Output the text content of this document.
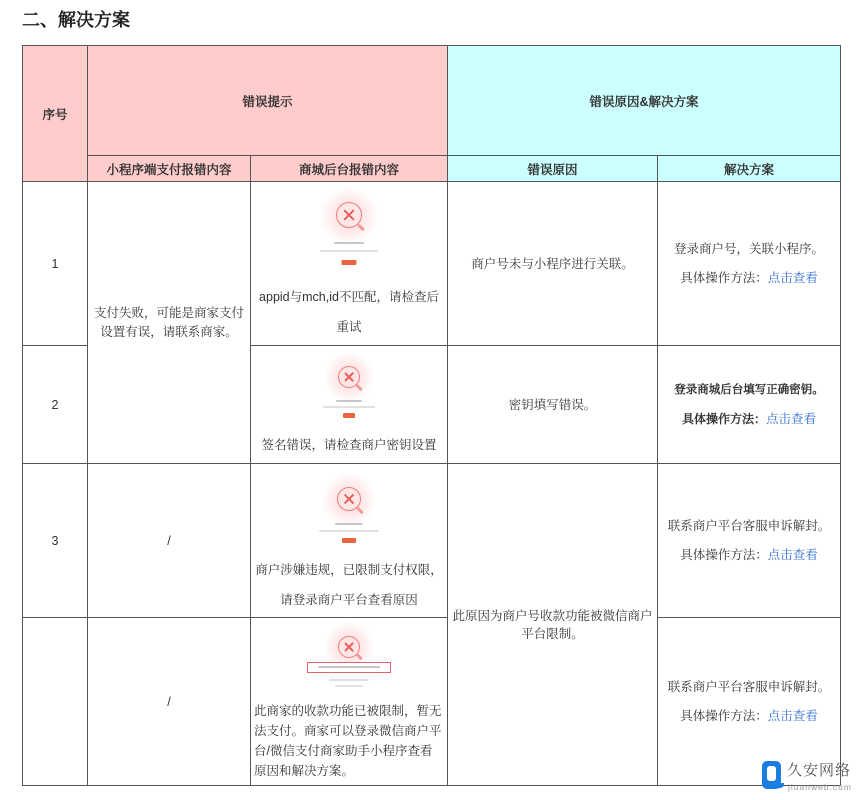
二、解决方案
序号	错误提示		错误原因&解决方案	
	小程序端支付报错内容	商城后台报错内容	错误原因	解决方案
1	支付失败，可能是商家支付设置有误，请联系商家。	appid与mch,id不匹配，请检查后重试	商户号未与小程序进行关联。	登录商户号，关联小程序。
具体操作方法：点击查看

2		签名错误，请检查商户密钥设置	密钥填写错误。	登录商城后台填写正确密钥。
具体操作方法：点击查看

3	/	商户涉嫌违规，已限制支付权限，请登录商户平台查看原因	此原因为商户号收款功能被微信商户平台限制。	联系商户平台客服申诉解封。
具体操作方法：点击查看

	/	此商家的收款功能已被限制，暂无法支付。商家可以登录微信商户平台/微信支付商家助手小程序查看原因和解决方案。		联系商户平台客服申诉解封。
具体操作方法：点击查看
久安网络
jiuanweb.com
